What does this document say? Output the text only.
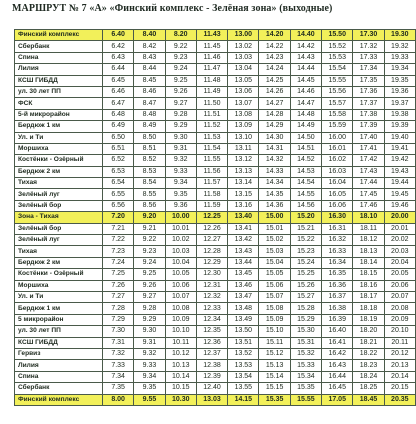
МАРШРУТ № 7 «А» «Финский комплекс - Зелёная зона» (выходные)
Финский комплекс	6.40	8.40	8.20	11.43	13.00	14.20	14.40	15.50	17.30	19.30
Сбербанк	6.42	8.42	9.22	11.45	13.02	14.22	14.42	15.52	17.32	19.32
Спина	6.43	8.43	9.23	11.46	13.03	14.23	14.43	15.53	17.33	19.33
Лилия	6.44	8.44	9.24	11.47	13.04	14.24	14.44	15.54	17.34	19.34
КСШ ГИБДД	6.45	8.45	9.25	11.48	13.05	14.25	14.45	15.55	17.35	19.35
ул. 30 лет ПП	6.46	8.46	9.26	11.49	13.06	14.26	14.46	15.56	17.36	19.36
ФСК	6.47	8.47	9.27	11.50	13.07	14.27	14.47	15.57	17.37	19.37
5-й микрорайон	6.48	8.48	9.28	11.51	13.08	14.28	14.48	15.58	17.38	19.38
Бердюж 1 км	6.49	8.49	9.29	11.52	13.09	14.29	14.49	15.59	17.39	19.39
Ул. и Ти	6.50	8.50	9.30	11.53	13.10	14.30	14.50	16.00	17.40	19.40
Моршиха	6.51	8.51	9.31	11.54	13.11	14.31	14.51	16.01	17.41	19.41
Костёнки - Озёрный	6.52	8.52	9.32	11.55	13.12	14.32	14.52	16.02	17.42	19.42
Бердюж 2 км	6.53	8.53	9.33	11.56	13.13	14.33	14.53	16.03	17.43	19.43
Тихая	6.54	8.54	9.34	11.57	13.14	14.34	14.54	16.04	17.44	19.44
Зелёный луг	6.55	8.55	9.35	11.58	13.15	14.35	14.55	16.05	17.45	19.45
Зелёный бор	6.56	8.56	9.36	11.59	13.16	14.36	14.56	16.06	17.46	19.46
Зона - Тихая	7.20	9.20	10.00	12.25	13.40	15.00	15.20	16.30	18.10	20.00
Зелёный бор	7.21	9.21	10.01	12.26	13.41	15.01	15.21	16.31	18.11	20.01
Зелёный луг	7.22	9.22	10.02	12.27	13.42	15.02	15.22	16.32	18.12	20.02
Тихая	7.23	9.23	10.03	12.28	13.43	15.03	15.23	16.33	18.13	20.03
Бердюж 2 км	7.24	9.24	10.04	12.29	13.44	15.04	15.24	16.34	18.14	20.04
Костёнки - Озёрный	7.25	9.25	10.05	12.30	13.45	15.05	15.25	16.35	18.15	20.05
Моршиха	7.26	9.26	10.06	12.31	13.46	15.06	15.26	16.36	18.16	20.06
Ул. и Ти	7.27	9.27	10.07	12.32	13.47	15.07	15.27	16.37	18.17	20.07
Бердюж 1 км	7.28	9.28	10.08	12.33	13.48	15.08	15.28	16.38	18.18	20.08
5 микрорайон	7.29	9.29	10.09	12.34	13.49	15.09	15.29	16.39	18.19	20.09
ул. 30 лет ПП	7.30	9.30	10.10	12.35	13.50	15.10	15.30	16.40	18.20	20.10
КСШ ГИБДД	7.31	9.31	10.11	12.36	13.51	15.11	15.31	16.41	18.21	20.11
Гервиз	7.32	9.32	10.12	12.37	13.52	15.12	15.32	16.42	18.22	20.12
Лилия	7.33	9.33	10.13	12.38	13.53	15.13	15.33	16.43	18.23	20.13
Спина	7.34	9.34	10.14	12.39	13.54	15.14	15.34	16.44	18.24	20.14
Сбербанк	7.35	9.35	10.15	12.40	13.55	15.15	15.35	16.45	18.25	20.15
Финский комплекс	8.00	9.55	10.30	13.03	14.15	15.35	15.55	17.05	18.45	20.35
